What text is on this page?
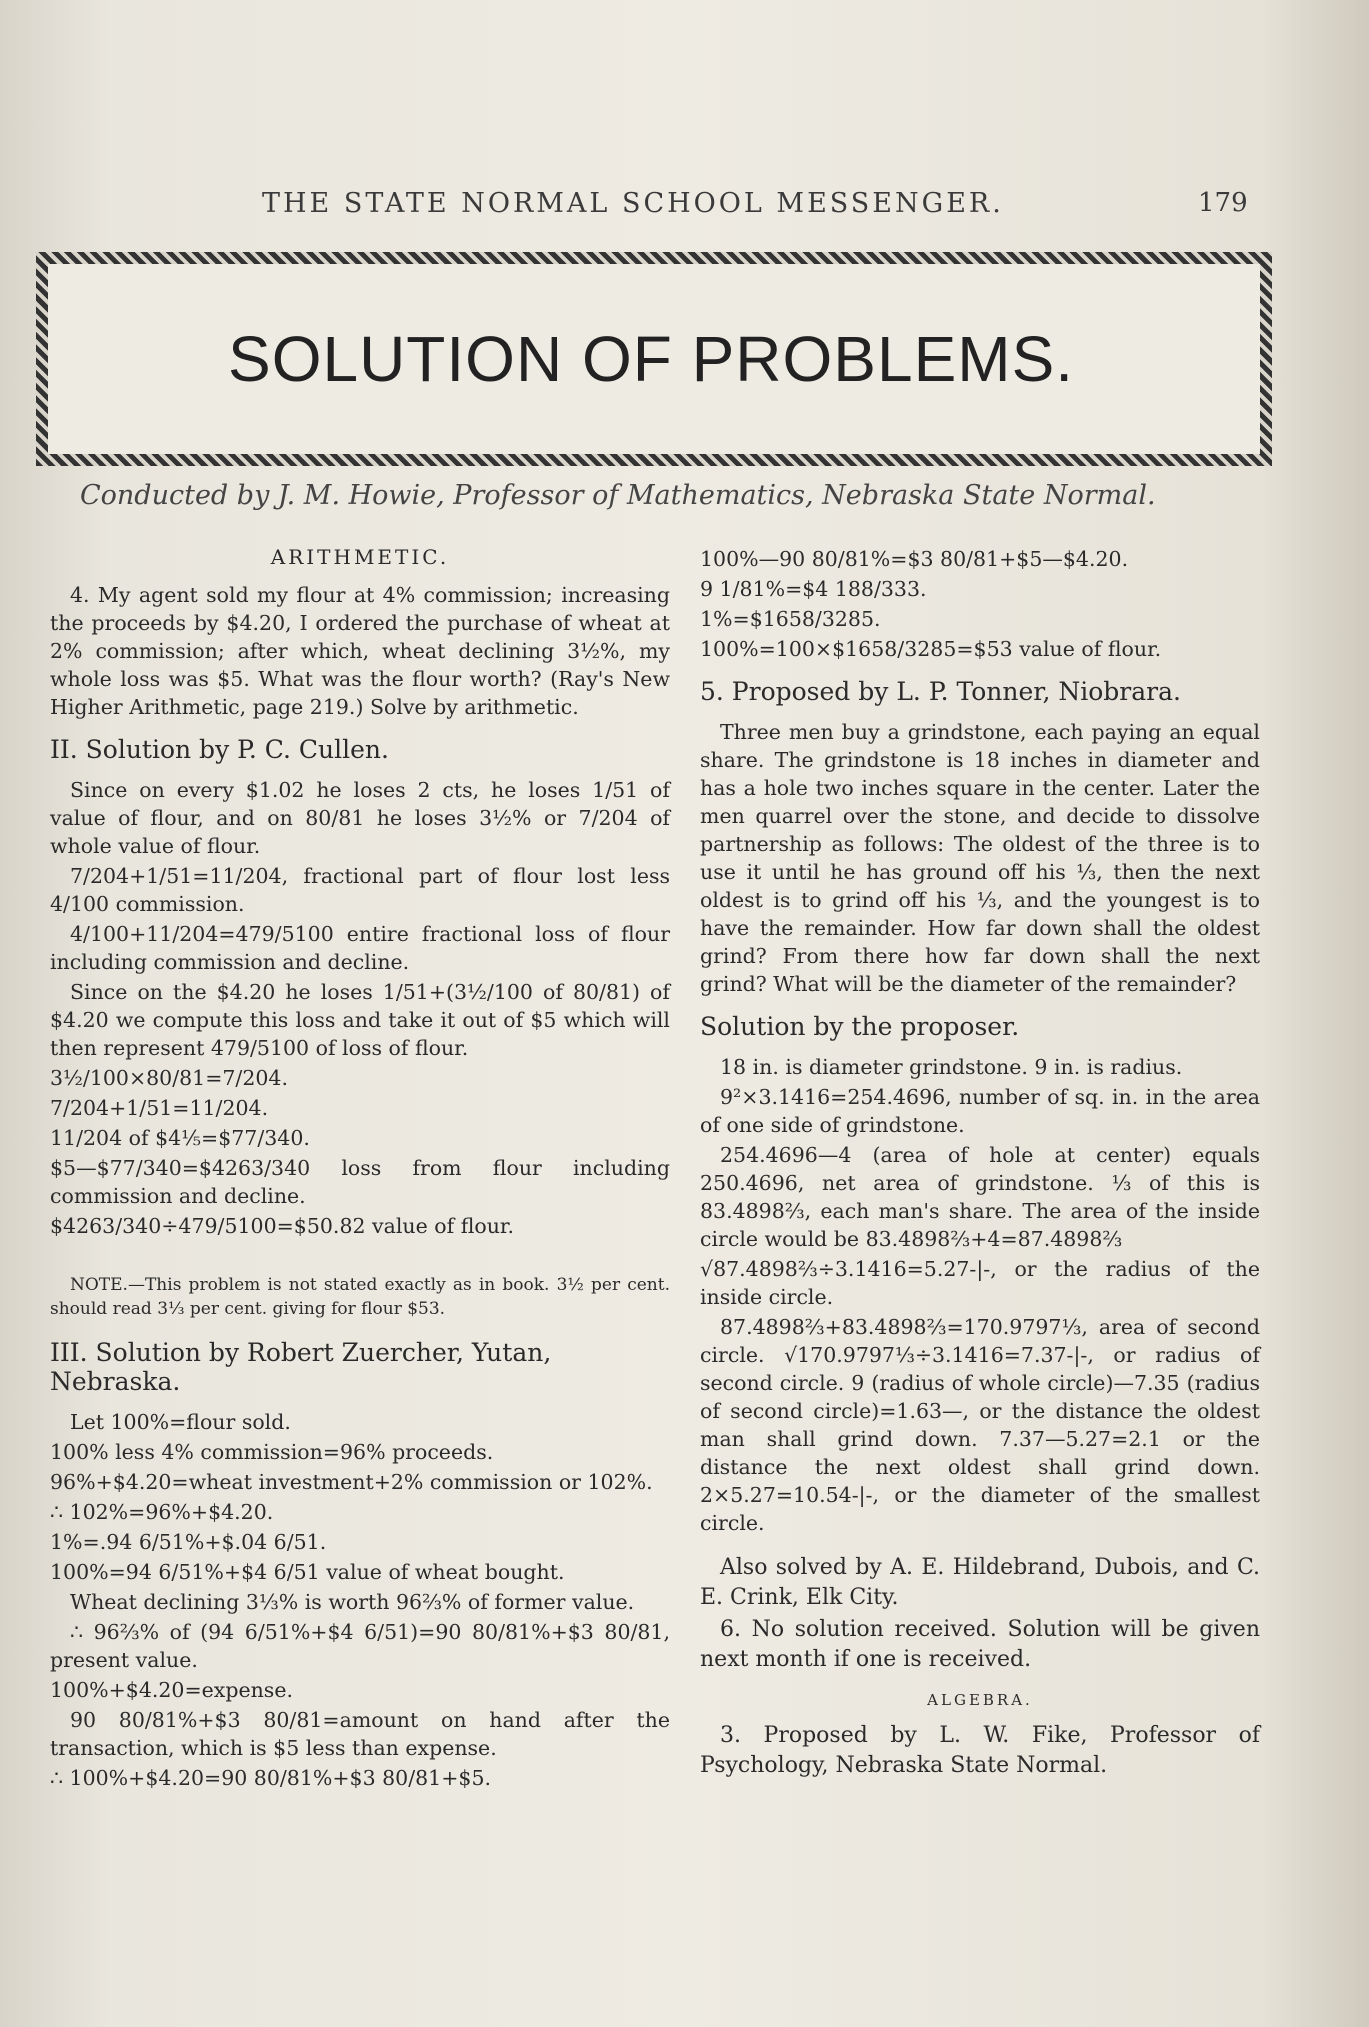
THE STATE NORMAL SCHOOL MESSENGER.	179
SOLUTION OF PROBLEMS.
Conducted by J. M. Howie, Professor of Mathematics, Nebraska State Normal.
ARITHMETIC.

4. My agent sold my flour at 4% commission; increasing the proceeds by $4.20, I ordered the purchase of wheat at 2% commission; after which, wheat declining 3½%, my whole loss was $5. What was the flour worth? (Ray's New Higher Arithmetic, page 219.) Solve by arithmetic.

II. Solution by P. C. Cullen.

Since on every $1.02 he loses 2 cts, he loses 1/51 of value of flour, and on 80/81 he loses 3½% or 7/204 of whole value of flour.

7/204+1/51=11/204, fractional part of flour lost less 4/100 commission.

4/100+11/204=479/5100 entire fractional loss of flour including commission and decline.

Since on the $4.20 he loses 1/51+(3½/100 of 80/81) of $4.20 we compute this loss and take it out of $5 which will then represent 479/5100 of loss of flour.

3½/100×80/81=7/204.

7/204+1/51=11/204.

11/204 of $4⅕=$77/340.

$5—$77/340=$4263/340 loss from flour including commission and decline.

$4263/340÷479/5100=$50.82 value of flour.

NOTE.—This problem is not stated exactly as in book. 3½ per cent. should read 3⅓ per cent. giving for flour $53.

III. Solution by Robert Zuercher, Yutan, Nebraska.

Let 100%=flour sold.

100% less 4% commission=96% proceeds.

96%+$4.20=wheat investment+2% commission or 102%.

∴ 102%=96%+$4.20.

1%=.94 6/51%+$.04 6/51.

100%=94 6/51%+$4 6/51 value of wheat bought.

Wheat declining 3⅓% is worth 96⅔% of former value.

∴ 96⅔% of (94 6/51%+$4 6/51)=90 80/81%+$3 80/81, present value.

100%+$4.20=expense.

90 80/81%+$3 80/81=amount on hand after the transaction, which is $5 less than expense.

∴ 100%+$4.20=90 80/81%+$3 80/81+$5.

100%—90 80/81%=$3 80/81+$5—$4.20.

9 1/81%=$4 188/333.

1%=$1658/3285.

100%=100×$1658/3285=$53 value of flour.

5. Proposed by L. P. Tonner, Niobrara.

Three men buy a grindstone, each paying an equal share. The grindstone is 18 inches in diameter and has a hole two inches square in the center. Later the men quarrel over the stone, and decide to dissolve partnership as follows: The oldest of the three is to use it until he has ground off his ⅓, then the next oldest is to grind off his ⅓, and the youngest is to have the remainder. How far down shall the oldest grind? From there how far down shall the next grind? What will be the diameter of the remainder?

Solution by the proposer.

18 in. is diameter grindstone. 9 in. is radius.

9²×3.1416=254.4696, number of sq. in. in the area of one side of grindstone.

254.4696—4 (area of hole at center) equals 250.4696, net area of grindstone. ⅓ of this is 83.4898⅔, each man's share. The area of the inside circle would be 83.4898⅔+4=87.4898⅔

√87.4898⅔÷3.1416=5.27-|-, or the radius of the inside circle.

87.4898⅔+83.4898⅔=170.9797⅓, area of second circle. √170.9797⅓÷3.1416=7.37-|-, or radius of second circle. 9 (radius of whole circle)—7.35 (radius of second circle)=1.63—, or the distance the oldest man shall grind down. 7.37—5.27=2.1 or the distance the next oldest shall grind down. 2×5.27=10.54-|-, or the diameter of the smallest circle.

Also solved by A. E. Hildebrand, Dubois, and C. E. Crink, Elk City.

6. No solution received. Solution will be given next month if one is received.

ALGEBRA.

3. Proposed by L. W. Fike, Professor of Psychology, Nebraska State Normal.
